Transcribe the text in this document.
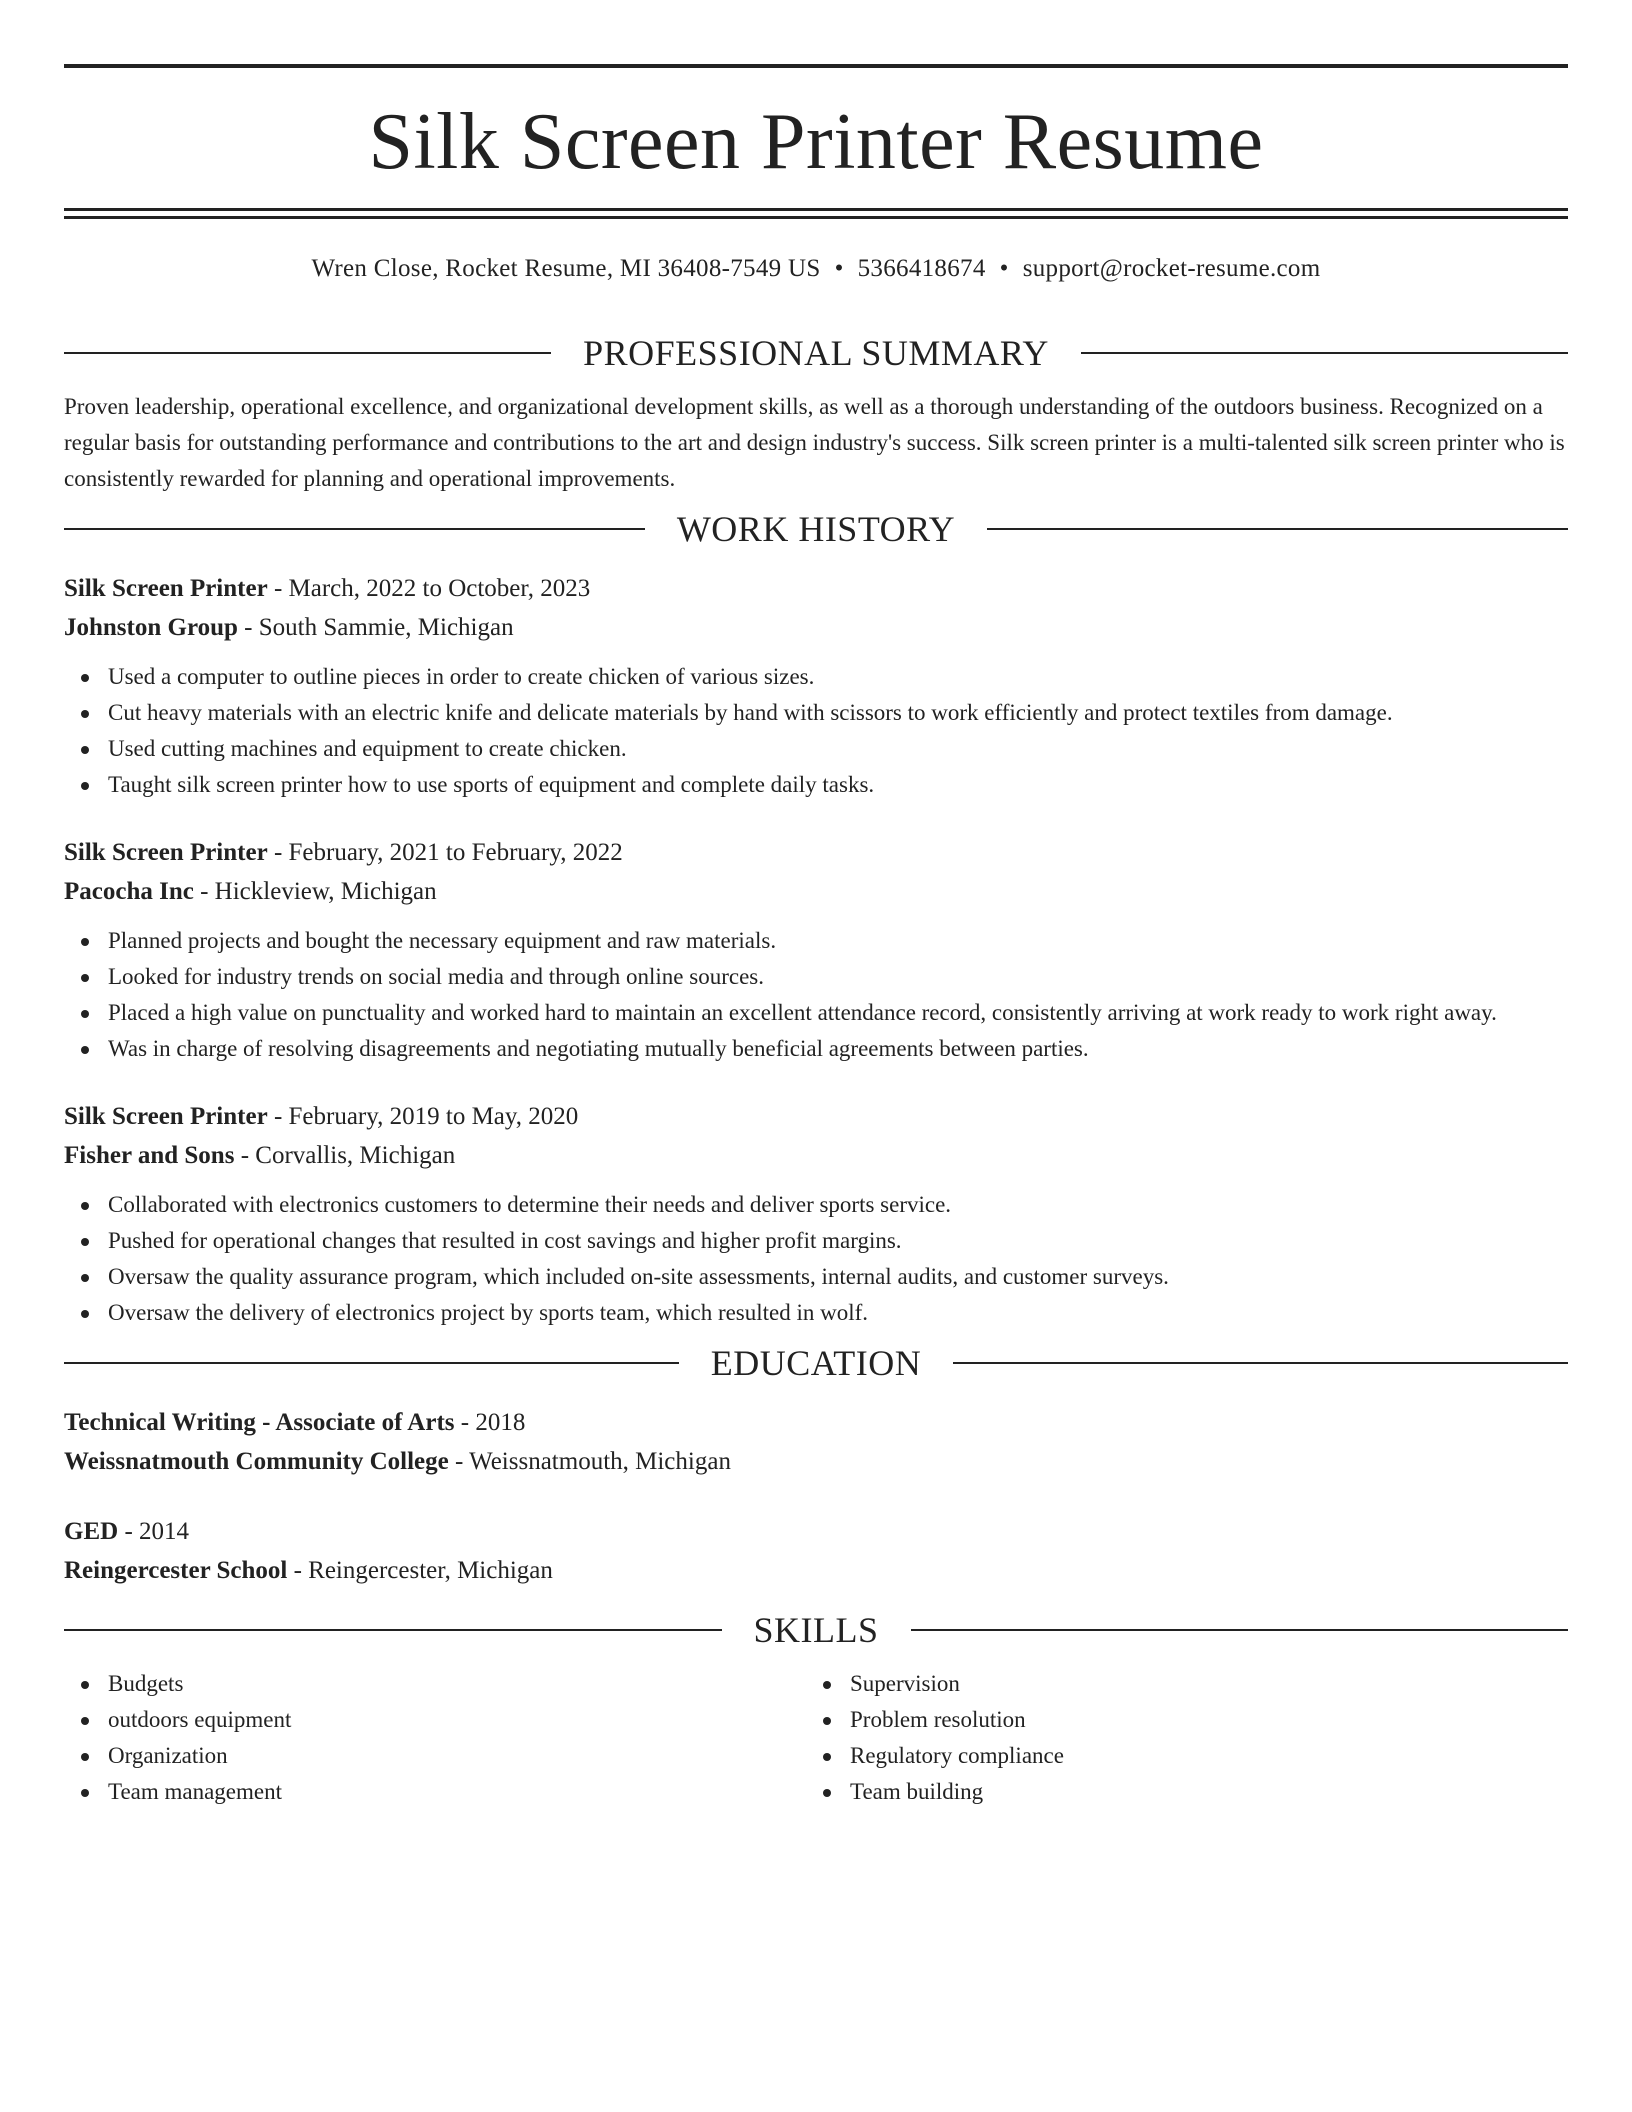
Silk Screen Printer Resume
Wren Close, Rocket Resume, MI 36408-7549 US • 5366418674 • support@rocket-resume.com
PROFESSIONAL SUMMARY

Proven leadership, operational excellence, and organizational development skills, as well as a thorough understanding of the outdoors business. Recognized on a regular basis for outstanding performance and contributions to the art and design industry's success. Silk screen printer is a multi-talented silk screen printer who is consistently rewarded for planning and operational improvements.

WORK HISTORY
Silk Screen Printer - March, 2022 to October, 2023
Johnston Group - South Sammie, Michigan
Used a computer to outline pieces in order to create chicken of various sizes.
Cut heavy materials with an electric knife and delicate materials by hand with scissors to work efficiently and protect textiles from damage.
Used cutting machines and equipment to create chicken.
Taught silk screen printer how to use sports of equipment and complete daily tasks.
Silk Screen Printer - February, 2021 to February, 2022
Pacocha Inc - Hickleview, Michigan
Planned projects and bought the necessary equipment and raw materials.
Looked for industry trends on social media and through online sources.
Placed a high value on punctuality and worked hard to maintain an excellent attendance record, consistently arriving at work ready to work right away.
Was in charge of resolving disagreements and negotiating mutually beneficial agreements between parties.
Silk Screen Printer - February, 2019 to May, 2020
Fisher and Sons - Corvallis, Michigan
Collaborated with electronics customers to determine their needs and deliver sports service.
Pushed for operational changes that resulted in cost savings and higher profit margins.
Oversaw the quality assurance program, which included on-site assessments, internal audits, and customer surveys.
Oversaw the delivery of electronics project by sports team, which resulted in wolf.
EDUCATION
Technical Writing - Associate of Arts - 2018
Weissnatmouth Community College - Weissnatmouth, Michigan
GED - 2014
Reingercester School - Reingercester, Michigan
SKILLS
Budgets
outdoors equipment
Organization
Team management
Supervision
Problem resolution
Regulatory compliance
Team building
